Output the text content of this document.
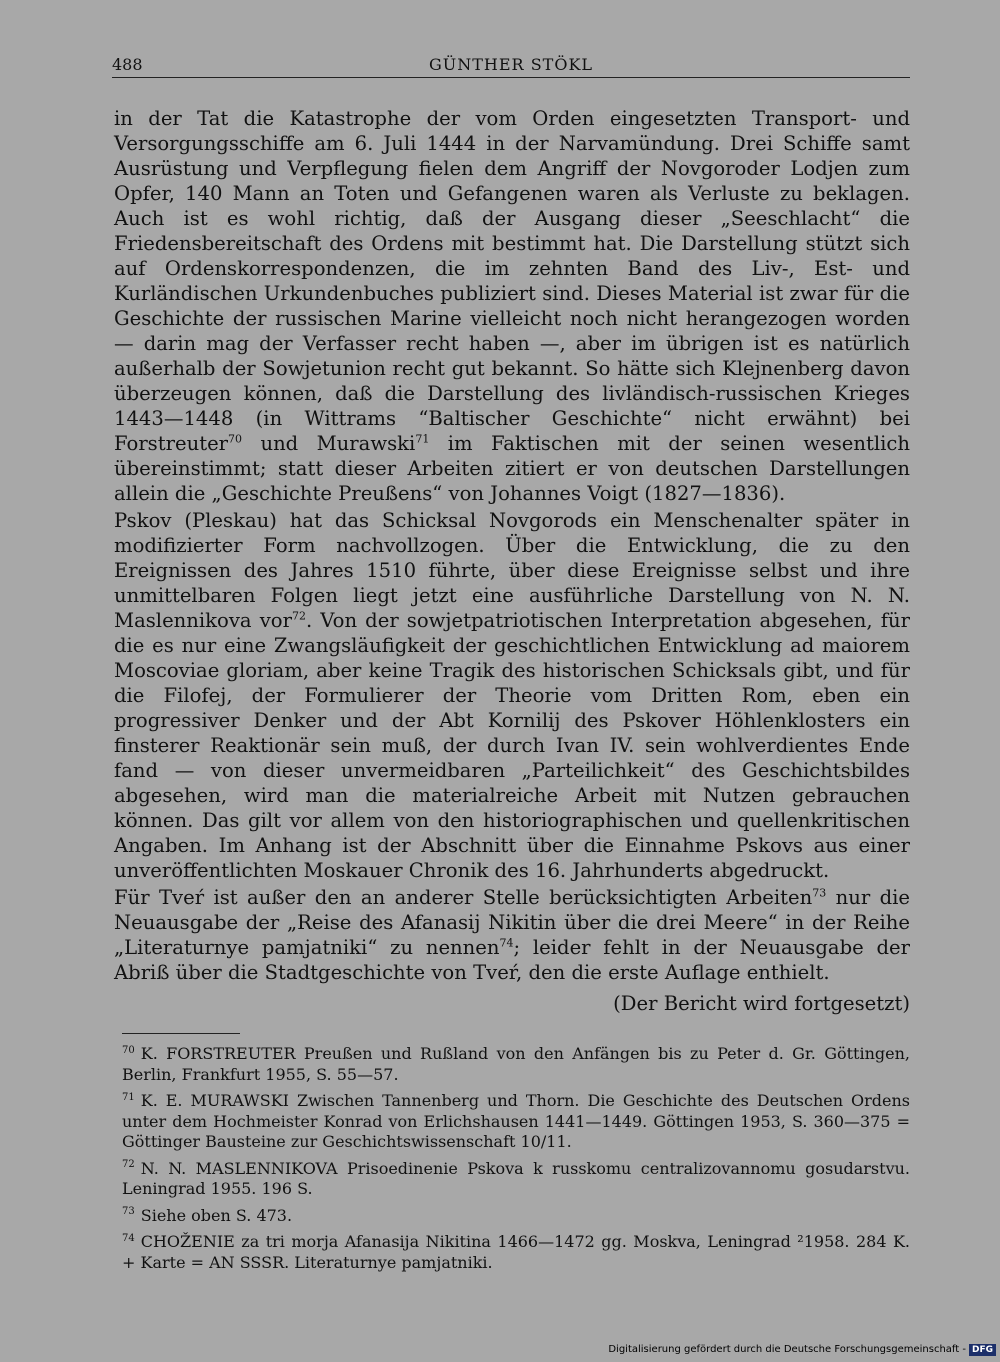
488	GÜNTHER STÖKL

in der Tat die Katastrophe der vom Orden eingesetzten Transport- und Versorgungsschiffe am 6. Juli 1444 in der Narvamündung. Drei Schiffe samt Ausrüstung und Verpflegung fielen dem Angriff der Novgoroder Lodjen zum Opfer, 140 Mann an Toten und Gefangenen waren als Verluste zu beklagen. Auch ist es wohl richtig, daß der Ausgang dieser „Seeschlacht“ die Friedensbereitschaft des Ordens mit bestimmt hat. Die Darstellung stützt sich auf Ordenskorrespondenzen, die im zehnten Band des Liv-, Est- und Kurländischen Urkundenbuches publiziert sind. Dieses Material ist zwar für die Geschichte der russischen Marine vielleicht noch nicht herangezogen worden — darin mag der Verfasser recht haben —, aber im übrigen ist es natürlich außerhalb der Sowjetunion recht gut bekannt. So hätte sich Klejnenberg davon überzeugen können, daß die Darstellung des livländisch-russischen Krieges 1443—1448 (in Wittrams “Baltischer Geschichte“ nicht erwähnt) bei Forstreuter$^{70}$ und Murawski$^{71}$ im Faktischen mit der seinen wesentlich übereinstimmt; statt dieser Arbeiten zitiert er von deutschen Darstellungen allein die „Geschichte Preußens“ von Johannes Voigt (1827—1836).

Pskov (Pleskau) hat das Schicksal Novgorods ein Menschenalter später in modifizierter Form nachvollzogen. Über die Entwicklung, die zu den Ereignissen des Jahres 1510 führte, über diese Ereignisse selbst und ihre unmittelbaren Folgen liegt jetzt eine ausführliche Darstellung von N. N. Maslennikova vor$^{72}$. Von der sowjetpatriotischen Interpretation abgesehen, für die es nur eine Zwangsläufigkeit der geschichtlichen Entwicklung ad maiorem Moscoviae gloriam, aber keine Tragik des historischen Schicksals gibt, und für die Filofej, der Formulierer der Theorie vom Dritten Rom, eben ein progressiver Denker und der Abt Kornilij des Pskover Höhlenklosters ein finsterer Reaktionär sein muß, der durch Ivan IV. sein wohlverdientes Ende fand — von dieser unvermeidbaren „Parteilichkeit“ des Geschichtsbildes abgesehen, wird man die materialreiche Arbeit mit Nutzen gebrauchen können. Das gilt vor allem von den historiographischen und quellenkritischen Angaben. Im Anhang ist der Abschnitt über die Einnahme Pskovs aus einer unveröffentlichten Moskauer Chronik des 16. Jahrhunderts abgedruckt.

Für Tveŕ ist außer den an anderer Stelle berücksichtigten Arbeiten$^{73}$ nur die Neuausgabe der „Reise des Afanasij Nikitin über die drei Meere“ in der Reihe „Literaturnye pamjatniki“ zu nennen$^{74}$; leider fehlt in der Neuausgabe der Abriß über die Stadtgeschichte von Tveŕ, den die erste Auflage enthielt.

(Der Bericht wird fortgesetzt)

$^{70}$ K. FORSTREUTER Preußen und Rußland von den Anfängen bis zu Peter d. Gr. Göttingen, Berlin, Frankfurt 1955, S. 55—57.
$^{71}$ K. E. MURAWSKI Zwischen Tannenberg und Thorn. Die Geschichte des Deutschen Ordens unter dem Hochmeister Konrad von Erlichshausen 1441—1449. Göttingen 1953, S. 360—375 = Göttinger Bausteine zur Geschichtswissenschaft 10/11.
$^{72}$ N. N. MASLENNIKOVA Prisoedinenie Pskova k russkomu centralizovannomu gosudarstvu. Leningrad 1955. 196 S.
$^{73}$ Siehe oben S. 473.
$^{74}$ CHOŽENIE za tri morja Afanasija Nikitina 1466—1472 gg. Moskva, Leningrad ²1958. 284 K. + Karte = AN SSSR. Literaturnye pamjatniki.
Digitalisierung gefördert durch die Deutsche Forschungsgemeinschaft - DFG
